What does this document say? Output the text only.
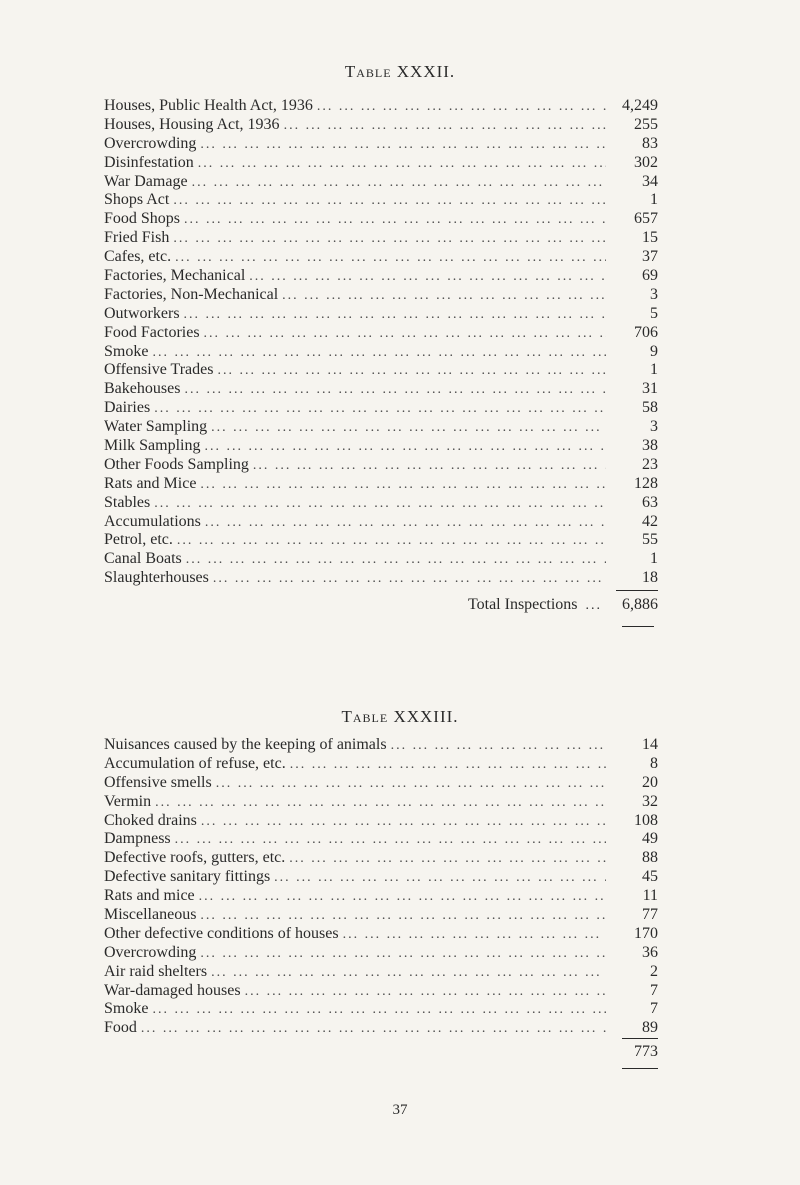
Table XXXII.
Houses, Public Health Act, 1936 ... .	4,249
Houses, Housing Act, 1936 ... .	255
Overcrowding ... .	83
Disinfestation ... .	302
War Damage ... .	34
Shops Act ... .	1
Food Shops ... .	657
Fried Fish ... .	15
Cafes, etc. ... .	37
Factories, Mechanical ... .	69
Factories, Non-Mechanical ... .	3
Outworkers ... .	5
Food Factories ... .	706
Smoke ... .	9
Offensive Trades ... .	1
Bakehouses ... .	31
Dairies ... .	58
Water Sampling ... .	3
Milk Sampling ... .	38
Other Foods Sampling ... .	23
Rats and Mice ... .	128
Stables ... .	63
Accumulations ... .	42
Petrol, etc. ... .	55
Canal Boats ... .	1
Slaughterhouses ... .	18
Total Inspections ...	6,886
Table XXXIII.
Nuisances caused by the keeping of animals ... .	14
Accumulation of refuse, etc. ... .	8
Offensive smells ... .	20
Vermin ... .	32
Choked drains ... .	108
Dampness ... .	49
Defective roofs, gutters, etc. ... .	88
Defective sanitary fittings ... .	45
Rats and mice ... .	11
Miscellaneous ... .	77
Other defective conditions of houses ... .	170
Overcrowding ... .	36
Air raid shelters ... .	2
War-damaged houses ... .	7
Smoke ... .	7
Food ... .	89
773
37
